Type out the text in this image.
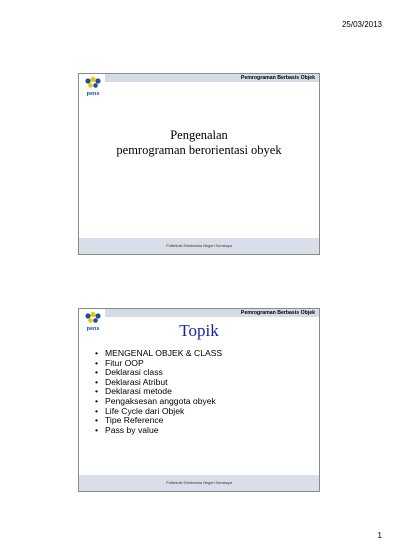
25/03/2013
pens
Pemrograman Berbasis Objek
Pengenalan
pemrograman berorientasi obyek
Politeknik Elektronika Negeri Surabaya
pens
Pemrograman Berbasis Objek
Topik
• MENGENAL OBJEK & CLASS
• Fitur OOP
• Deklarasi class
• Deklarasi Atribut
• Deklarasi metode
• Pengaksesan anggota obyek
• Life Cycle dari Objek
• Tipe Reference
• Pass by value
Politeknik Elektronika Negeri Surabaya
1
